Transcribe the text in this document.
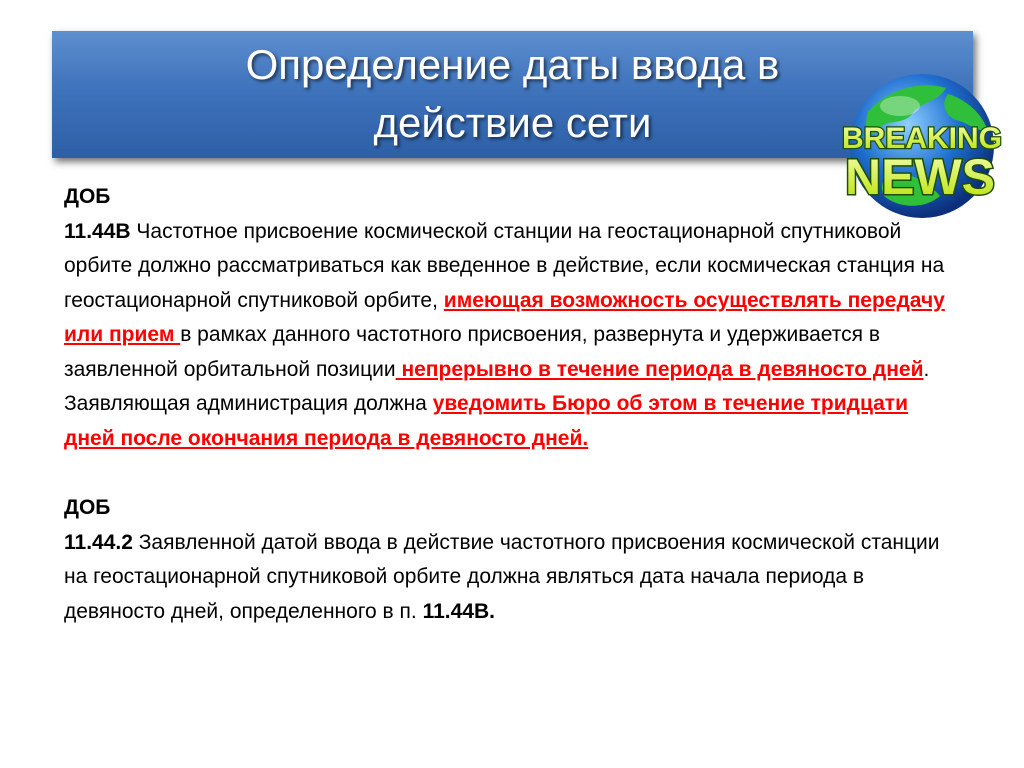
Определение даты ввода в
действие сети	BREAKING
NEWS

ДОБ

11.44B Частотное присвоение космической станции на геостационарной спутниковой орбите должно рассматриваться как введенное в действие, если космическая станция на геостационарной спутниковой орбите, имеющая возможность осуществлять передачу или прием в рамках данного частотного присвоения, развернута и удерживается в заявленной орбитальной позиции непрерывно в течение периода в девяносто дней. Заявляющая администрация должна уведомить Бюро об этом в течение тридцати дней после окончания периода в девяносто дней.

ДОБ

11.44.2 Заявленной датой ввода в действие частотного присвоения космической станции на геостационарной спутниковой орбите должна являться дата начала периода в девяносто дней, определенного в п. 11.44B.
